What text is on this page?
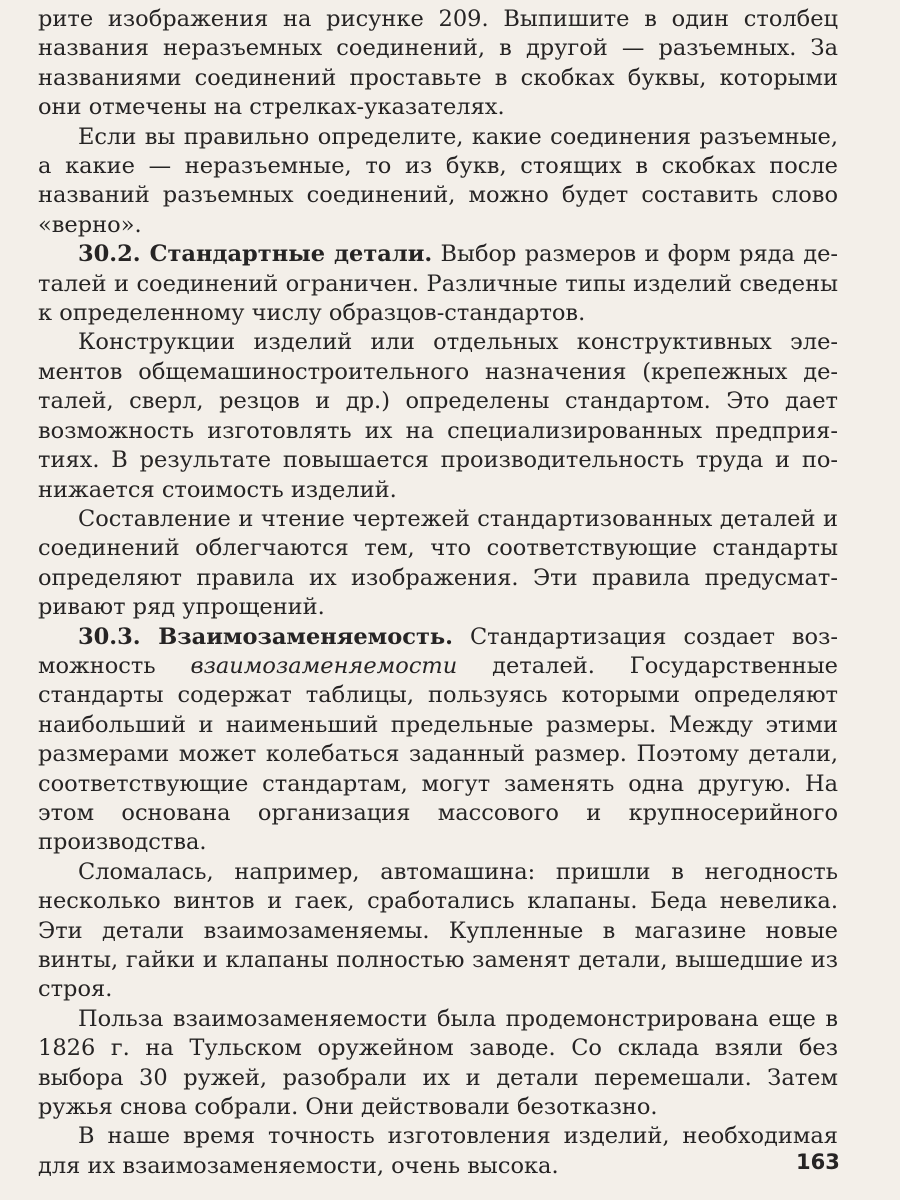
рите изображения на рисунке 209. Выпишите в один столбец названия неразъемных соединений, в другой — разъемных. За названиями соединений проставьте в скобках буквы, которыми они отмечены на стрелках-указателях.

Если вы правильно определите, какие соединения разъемные, а какие — неразъемные, то из букв, стоящих в скобках после названий разъемных соединений, можно будет составить слово «верно».

30.2. Стандартные детали. Выбор размеров и форм ряда деталей и соединений ограничен. Различные типы изделий сведены к определенному числу образцов-стандартов.

Конструкции изделий или отдельных конструктивных элементов общемашиностроительного назначения (крепежных деталей, сверл, резцов и др.) определены стандартом. Это дает возможность изготовлять их на специализированных предприятиях. В результате повышается производительность труда и понижается стоимость изделий.

Составление и чтение чертежей стандартизованных деталей и соединений облегчаются тем, что соответствующие стандарты определяют правила их изображения. Эти правила предусматривают ряд упрощений.

30.3. Взаимозаменяемость. Стандартизация создает возможность взаимозаменяемости деталей. Государственные стандарты содержат таблицы, пользуясь которыми определяют наибольший и наименьший предельные размеры. Между этими размерами может колебаться заданный размер. Поэтому детали, соответствующие стандартам, могут заменять одна другую. На этом основана организация массового и крупносерийного производства.

Сломалась, например, автомашина: пришли в негодность несколько винтов и гаек, сработались клапаны. Беда невелика. Эти детали взаимозаменяемы. Купленные в магазине новые винты, гайки и клапаны полностью заменят детали, вышедшие из строя.

Польза взаимозаменяемости была продемонстрирована еще в 1826 г. на Тульском оружейном заводе. Со склада взяли без выбора 30 ружей, разобрали их и детали перемешали. Затем ружья снова собрали. Они действовали безотказно.

В наше время точность изготовления изделий, необходимая для их взаимозаменяемости, очень высока.	163
